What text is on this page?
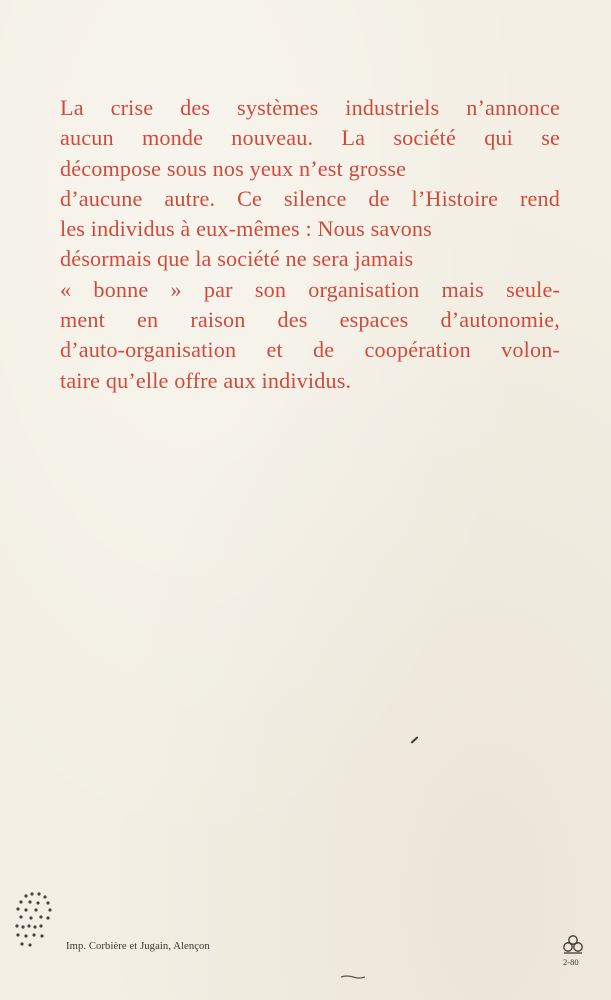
La crise des systèmes industriels n’annonce
aucun monde nouveau. La société qui se
décompose sous nos yeux n’est grosse
d’aucune autre. Ce silence de l’Histoire rend
les individus à eux-mêmes : Nous savons
désormais que la société ne sera jamais
« bonne » par son organisation mais seule-
ment en raison des espaces d’autonomie,
d’auto-organisation et de coopération volon-
taire qu’elle offre aux individus.

Imp. Corbière et Jugain, Alençon

2-80
